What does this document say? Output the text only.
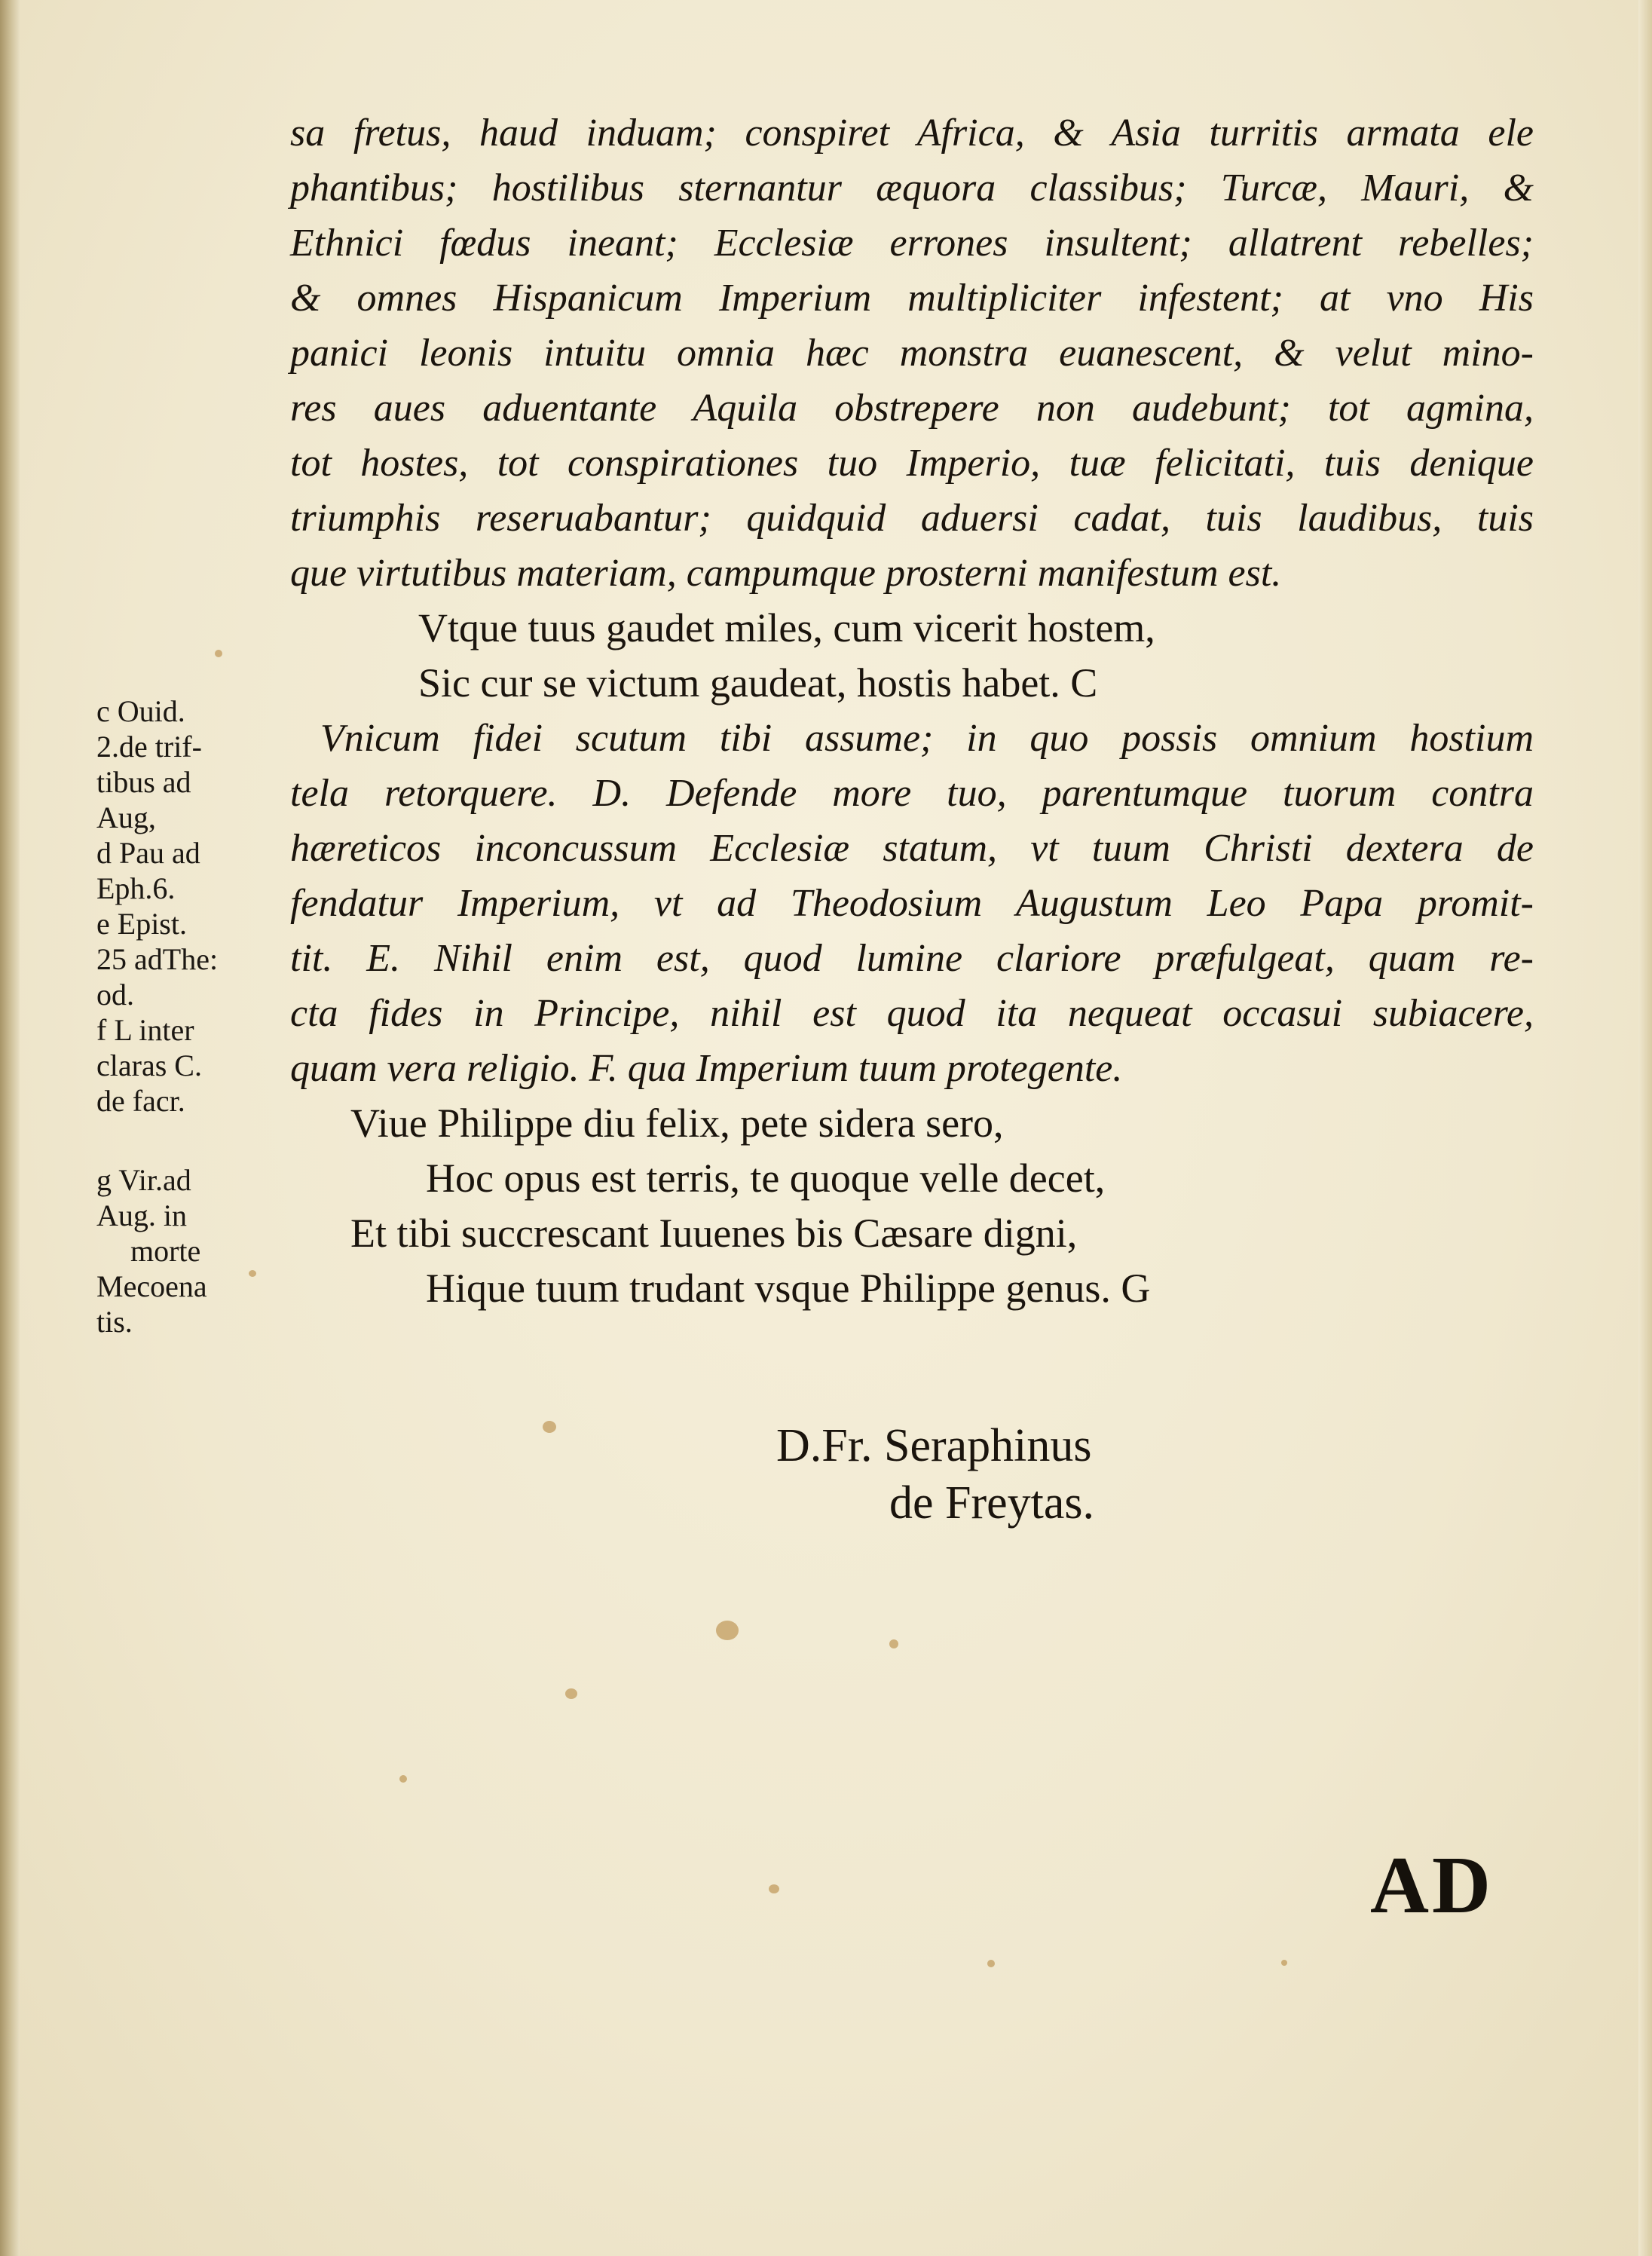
c Ouid.
2.de trif-
tibus ad
Aug,
d Pau ad
Eph.6.
e Epist.
25 adThe:
od.
f L inter
claras C.
de facr.
g Vir.ad
Aug. in
morte
Mecoena
tis.
sa fretus, haud induam; conspiret Africa, & Asia turritis armata ele
phantibus; hostilibus sternantur æquora classibus; Turcæ, Mauri, &
Ethnici fœdus ineant; Ecclesiæ errones insultent; allatrent rebelles;
& omnes Hispanicum Imperium multipliciter infestent; at vno His
panici leonis intuitu omnia hæc monstra euanescent, & velut mino-
res aues aduentante Aquila obstrepere non audebunt; tot agmina,
tot hostes, tot conspirationes tuo Imperio, tuæ felicitati, tuis denique
triumphis reseruabantur; quidquid aduersi cadat, tuis laudibus, tuis
que virtutibus materiam, campumque prosterni manifestum est.
Vtque tuus gaudet miles, cum vicerit hostem,
Sic cur se victum gaudeat, hostis habet. C
Vnicum fidei scutum tibi assume; in quo possis omnium hostium
tela retorquere. D. Defende more tuo, parentumque tuorum contra
hæreticos inconcussum Ecclesiæ statum, vt tuum Christi dextera de
fendatur Imperium, vt ad Theodosium Augustum Leo Papa promit-
tit. E. Nihil enim est, quod lumine clariore præfulgeat, quam re-
cta fides in Principe, nihil est quod ita nequeat occasui subiacere,
quam vera religio. F. qua Imperium tuum protegente.
Viue Philippe diu felix, pete sidera sero,
Hoc opus est terris, te quoque velle decet,
Et tibi succrescant Iuuenes bis Cæsare digni,
Hique tuum trudant vsque Philippe genus. G
D.Fr. Seraphinus
de Freytas.
AD
